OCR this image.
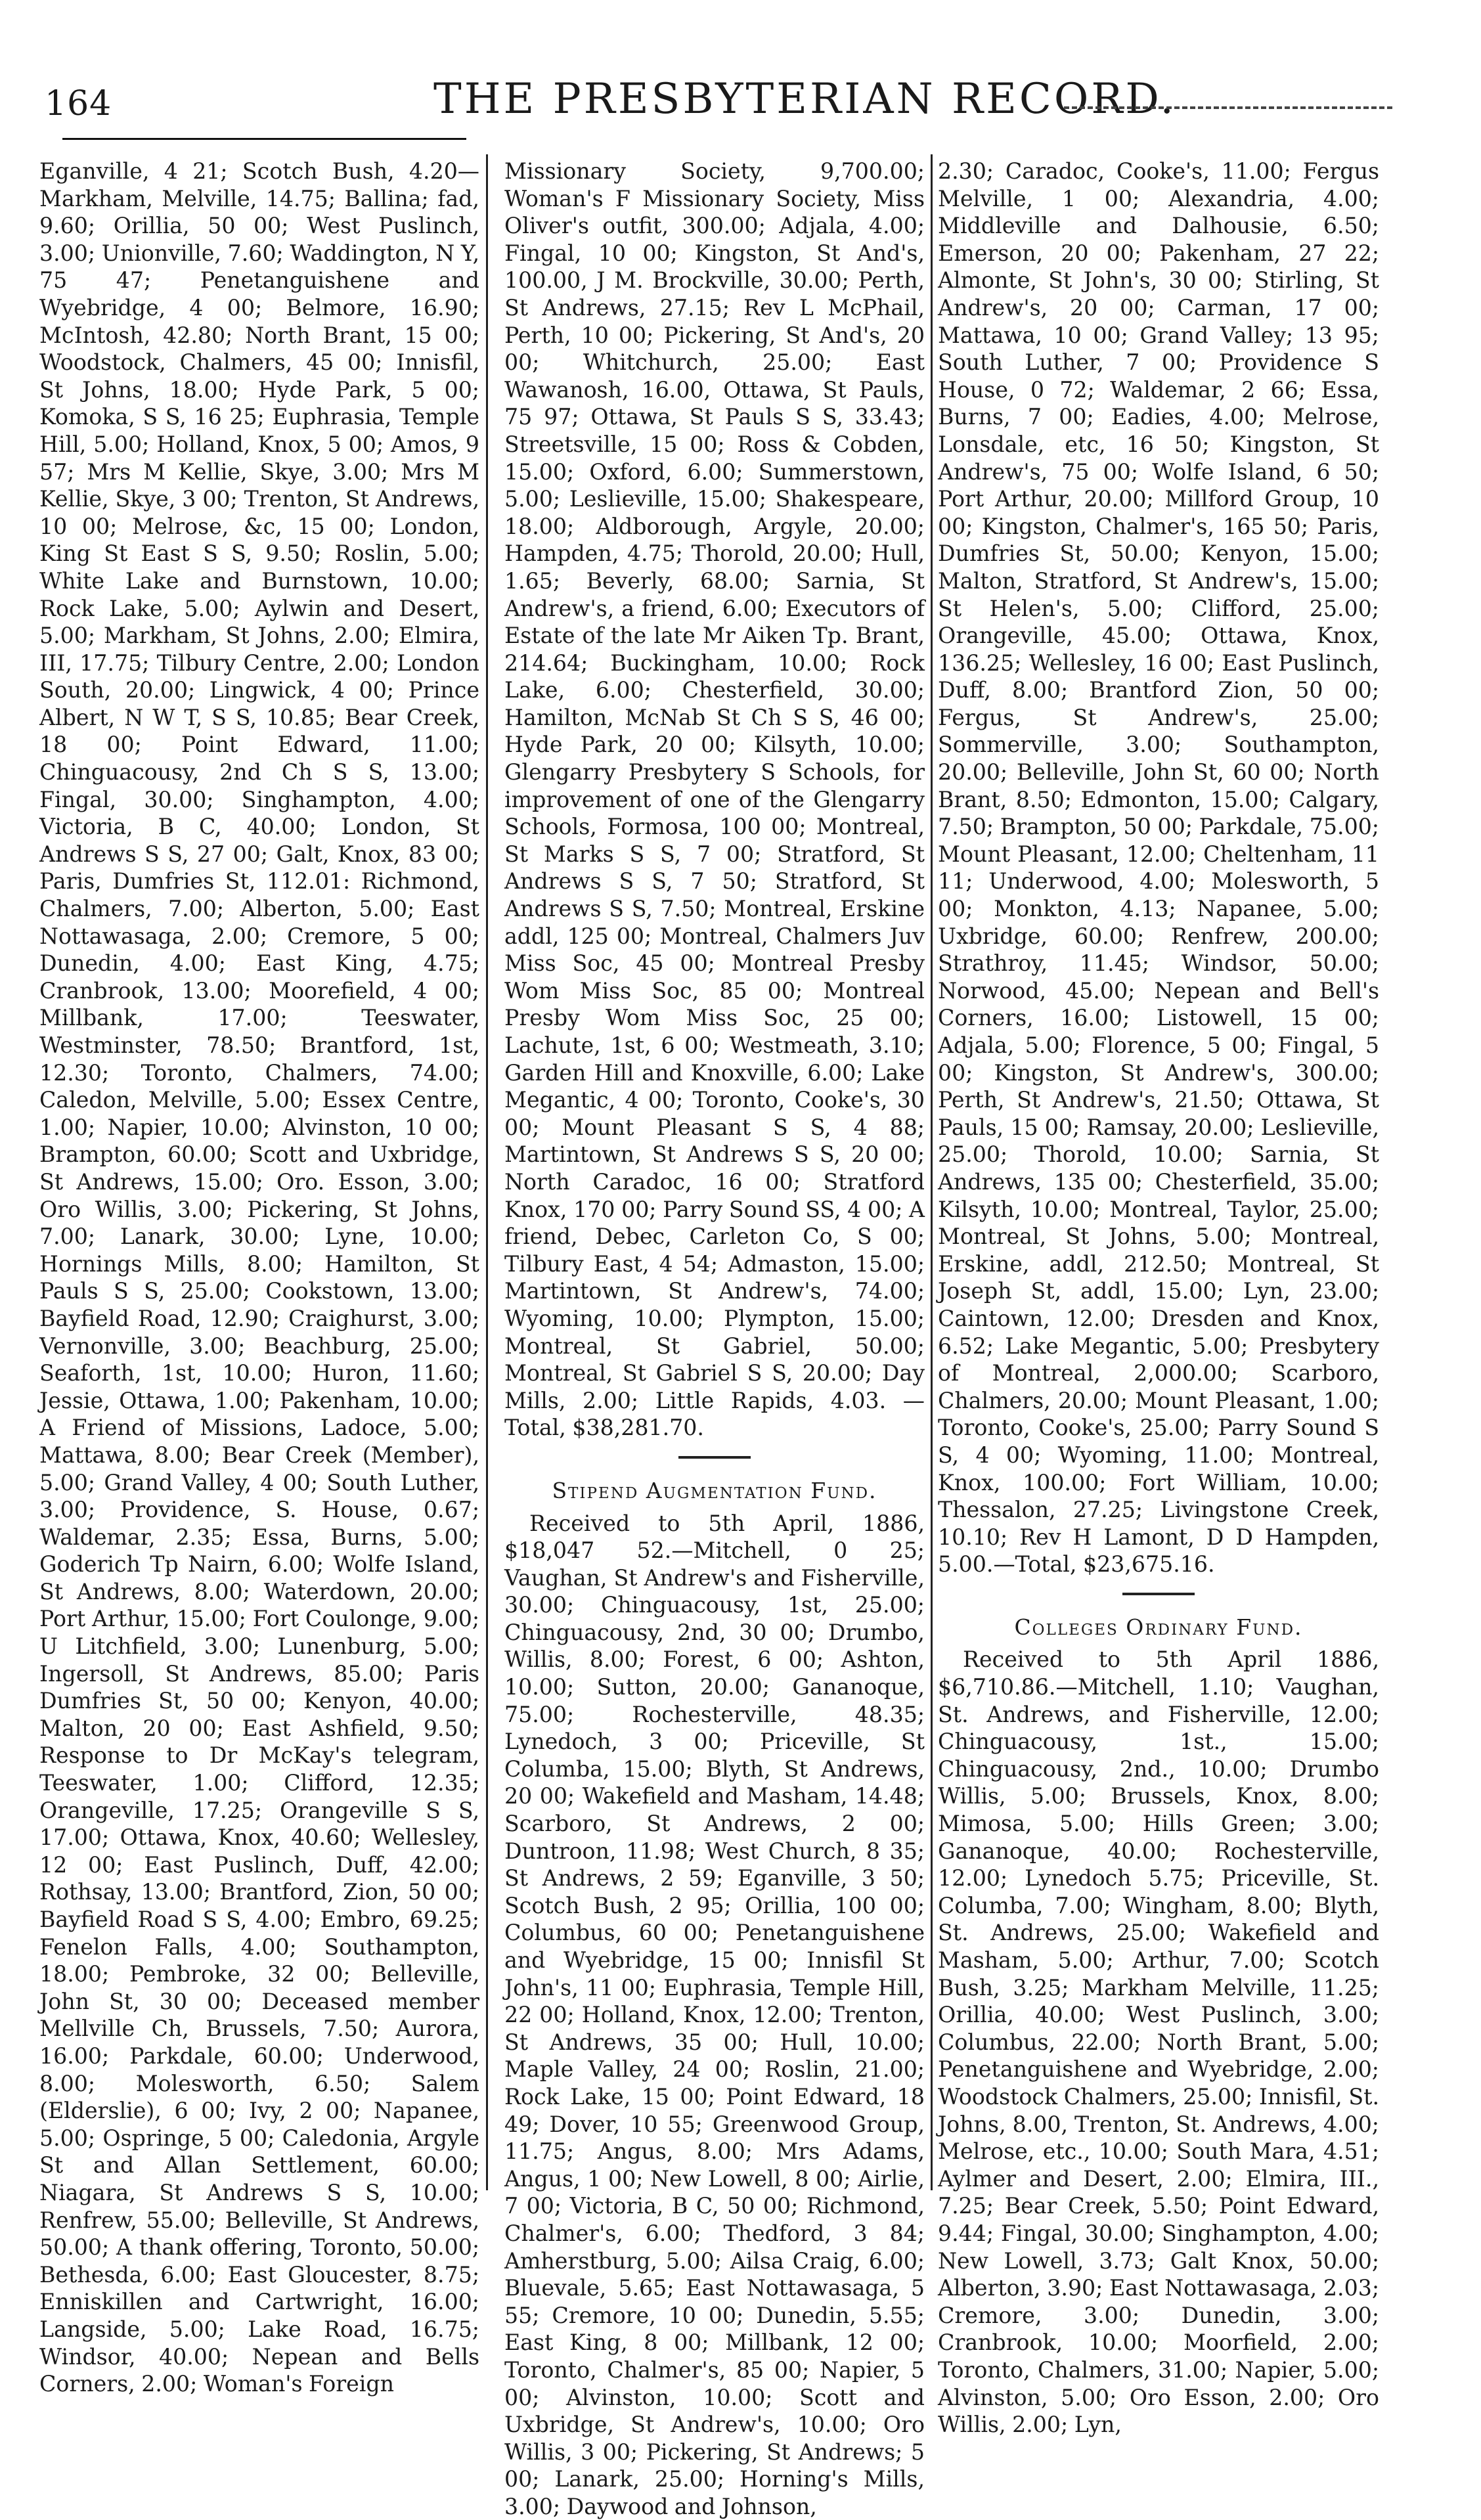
164	THE PRESBYTERIAN RECORD.

Eganville, 4 21; Scotch Bush, 4.20—Markham, Melville, 14.75; Ballina; fad, 9.60; Orillia, 50 00; West Puslinch, 3.00; Unionville, 7.60; Waddington, N Y, 75 47; Penetanguishene and Wyebridge, 4 00; Belmore, 16.90; McIntosh, 42.80; North Brant, 15 00; Woodstock, Chalmers, 45 00; Innisfil, St Johns, 18.00; Hyde Park, 5 00; Komoka, S S, 16 25; Euphrasia, Temple Hill, 5.00; Holland, Knox, 5 00; Amos, 9 57; Mrs M Kellie, Skye, 3.00; Mrs M Kellie, Skye, 3 00; Trenton, St Andrews, 10 00; Melrose, &c, 15 00; London, King St East S S, 9.50; Roslin, 5.00; White Lake and Burnstown, 10.00; Rock Lake, 5.00; Aylwin and Desert, 5.00; Markham, St Johns, 2.00; Elmira, III, 17.75; Tilbury Centre, 2.00; London South, 20.00; Lingwick, 4 00; Prince Albert, N W T, S S, 10.85; Bear Creek, 18 00; Point Edward, 11.00; Chinguacousy, 2nd Ch S S, 13.00; Fingal, 30.00; Singhampton, 4.00; Victoria, B C, 40.00; London, St Andrews S S, 27 00; Galt, Knox, 83 00; Paris, Dumfries St, 112.01: Richmond, Chalmers, 7.00; Alberton, 5.00; East Nottawasaga, 2.00; Cremore, 5 00; Dunedin, 4.00; East King, 4.75; Cranbrook, 13.00; Moorefield, 4 00; Millbank, 17.00; Teeswater, Westminster, 78.50; Brantford, 1st, 12.30; Toronto, Chalmers, 74.00; Caledon, Melville, 5.00; Essex Centre, 1.00; Napier, 10.00; Alvinston, 10 00; Brampton, 60.00; Scott and Uxbridge, St Andrews, 15.00; Oro. Esson, 3.00; Oro Willis, 3.00; Pickering, St Johns, 7.00; Lanark, 30.00; Lyne, 10.00; Hornings Mills, 8.00; Hamilton, St Pauls S S, 25.00; Cookstown, 13.00; Bayfield Road, 12.90; Craighurst, 3.00; Vernonville, 3.00; Beachburg, 25.00; Seaforth, 1st, 10.00; Huron, 11.60; Jessie, Ottawa, 1.00; Pakenham, 10.00; A Friend of Missions, Ladoce, 5.00; Mattawa, 8.00; Bear Creek (Member), 5.00; Grand Valley, 4 00; South Luther, 3.00; Providence, S. House, 0.67; Waldemar, 2.35; Essa, Burns, 5.00; Goderich Tp Nairn, 6.00; Wolfe Island, St Andrews, 8.00; Waterdown, 20.00; Port Arthur, 15.00; Fort Coulonge, 9.00; U Litchfield, 3.00; Lunenburg, 5.00; Ingersoll, St Andrews, 85.00; Paris Dumfries St, 50 00; Kenyon, 40.00; Malton, 20 00; East Ashfield, 9.50; Response to Dr McKay's telegram, Teeswater, 1.00; Clifford, 12.35; Orangeville, 17.25; Orangeville S S, 17.00; Ottawa, Knox, 40.60; Wellesley, 12 00; East Puslinch, Duff, 42.00; Rothsay, 13.00; Brantford, Zion, 50 00; Bayfield Road S S, 4.00; Embro, 69.25; Fenelon Falls, 4.00; Southampton, 18.00; Pembroke, 32 00; Belleville, John St, 30 00; Deceased member Mellville Ch, Brussels, 7.50; Aurora, 16.00; Parkdale, 60.00; Underwood, 8.00; Molesworth, 6.50; Salem (Elderslie), 6 00; Ivy, 2 00; Napanee, 5.00; Ospringe, 5 00; Caledonia, Argyle St and Allan Settlement, 60.00; Niagara, St Andrews S S, 10.00; Renfrew, 55.00; Belleville, St Andrews, 50.00; A thank offering, Toronto, 50.00; Bethesda, 6.00; East Gloucester, 8.75; Enniskillen and Cartwright, 16.00; Langside, 5.00; Lake Road, 16.75; Windsor, 40.00; Nepean and Bells Corners, 2.00; Woman's Foreign

Missionary Society, 9,700.00; Woman's F Missionary Society, Miss Oliver's outfit, 300.00; Adjala, 4.00; Fingal, 10 00; Kingston, St And's, 100.00, J M. Brockville, 30.00; Perth, St Andrews, 27.15; Rev L McPhail, Perth, 10 00; Pickering, St And's, 20 00; Whitchurch, 25.00; East Wawanosh, 16.00, Ottawa, St Pauls, 75 97; Ottawa, St Pauls S S, 33.43; Streetsville, 15 00; Ross & Cobden, 15.00; Oxford, 6.00; Summerstown, 5.00; Leslieville, 15.00; Shakespeare, 18.00; Aldborough, Argyle, 20.00; Hampden, 4.75; Thorold, 20.00; Hull, 1.65; Beverly, 68.00; Sarnia, St Andrew's, a friend, 6.00; Executors of Estate of the late Mr Aiken Tp. Brant, 214.64; Buckingham, 10.00; Rock Lake, 6.00; Chesterfield, 30.00; Hamilton, McNab St Ch S S, 46 00; Hyde Park, 20 00; Kilsyth, 10.00; Glengarry Presbytery S Schools, for improvement of one of the Glengarry Schools, Formosa, 100 00; Montreal, St Marks S S, 7 00; Stratford, St Andrews S S, 7 50; Stratford, St Andrews S S, 7.50; Montreal, Erskine addl, 125 00; Montreal, Chalmers Juv Miss Soc, 45 00; Montreal Presby Wom Miss Soc, 85 00; Montreal Presby Wom Miss Soc, 25 00; Lachute, 1st, 6 00; Westmeath, 3.10; Garden Hill and Knoxville, 6.00; Lake Megantic, 4 00; Toronto, Cooke's, 30 00; Mount Pleasant S S, 4 88; Martintown, St Andrews S S, 20 00; North Caradoc, 16 00; Stratford Knox, 170 00; Parry Sound SS, 4 00; A friend, Debec, Carleton Co, S 00; Tilbury East, 4 54; Admaston, 15.00; Martintown, St Andrew's, 74.00; Wyoming, 10.00; Plympton, 15.00; Montreal, St Gabriel, 50.00; Montreal, St Gabriel S S, 20.00; Day Mills, 2.00; Little Rapids, 4.03. —Total, $38,281.70.

Stipend Augmentation Fund.

Received to 5th April, 1886, $18,047 52.—Mitchell, 0 25; Vaughan, St Andrew's and Fisherville, 30.00; Chinguacousy, 1st, 25.00; Chinguacousy, 2nd, 30 00; Drumbo, Willis, 8.00; Forest, 6 00; Ashton, 10.00; Sutton, 20.00; Gananoque, 75.00; Rochesterville, 48.35; Lynedoch, 3 00; Priceville, St Columba, 15.00; Blyth, St Andrews, 20 00; Wakefield and Masham, 14.48; Scarboro, St Andrews, 2 00; Duntroon, 11.98; West Church, 8 35; St Andrews, 2 59; Eganville, 3 50; Scotch Bush, 2 95; Orillia, 100 00; Columbus, 60 00; Penetanguishene and Wyebridge, 15 00; Innisfil St John's, 11 00; Euphrasia, Temple Hill, 22 00; Holland, Knox, 12.00; Trenton, St Andrews, 35 00; Hull, 10.00; Maple Valley, 24 00; Roslin, 21.00; Rock Lake, 15 00; Point Edward, 18 49; Dover, 10 55; Greenwood Group, 11.75; Angus, 8.00; Mrs Adams, Angus, 1 00; New Lowell, 8 00; Airlie, 7 00; Victoria, B C, 50 00; Richmond, Chalmer's, 6.00; Thedford, 3 84; Amherstburg, 5.00; Ailsa Craig, 6.00; Bluevale, 5.65; East Nottawasaga, 5 55; Cremore, 10 00; Dunedin, 5.55; East King, 8 00; Millbank, 12 00; Toronto, Chalmer's, 85 00; Napier, 5 00; Alvinston, 10.00; Scott and Uxbridge, St Andrew's, 10.00; Oro Willis, 3 00; Pickering, St Andrews; 5 00; Lanark, 25.00; Horning's Mills, 3.00; Daywood and Johnson,

2.30; Caradoc, Cooke's, 11.00; Fergus Melville, 1 00; Alexandria, 4.00; Middleville and Dalhousie, 6.50; Emerson, 20 00; Pakenham, 27 22; Almonte, St John's, 30 00; Stirling, St Andrew's, 20 00; Carman, 17 00; Mattawa, 10 00; Grand Valley; 13 95; South Luther, 7 00; Providence S House, 0 72; Waldemar, 2 66; Essa, Burns, 7 00; Eadies, 4.00; Melrose, Lonsdale, etc, 16 50; Kingston, St Andrew's, 75 00; Wolfe Island, 6 50; Port Arthur, 20.00; Millford Group, 10 00; Kingston, Chalmer's, 165 50; Paris, Dumfries St, 50.00; Kenyon, 15.00; Malton, Stratford, St Andrew's, 15.00; St Helen's, 5.00; Clifford, 25.00; Orangeville, 45.00; Ottawa, Knox, 136.25; Wellesley, 16 00; East Puslinch, Duff, 8.00; Brantford Zion, 50 00; Fergus, St Andrew's, 25.00; Sommerville, 3.00; Southampton, 20.00; Belleville, John St, 60 00; North Brant, 8.50; Edmonton, 15.00; Calgary, 7.50; Brampton, 50 00; Parkdale, 75.00; Mount Pleasant, 12.00; Cheltenham, 11 11; Underwood, 4.00; Molesworth, 5 00; Monkton, 4.13; Napanee, 5.00; Uxbridge, 60.00; Renfrew, 200.00; Strathroy, 11.45; Windsor, 50.00; Norwood, 45.00; Nepean and Bell's Corners, 16.00; Listowell, 15 00; Adjala, 5.00; Florence, 5 00; Fingal, 5 00; Kingston, St Andrew's, 300.00; Perth, St Andrew's, 21.50; Ottawa, St Pauls, 15 00; Ramsay, 20.00; Leslieville, 25.00; Thorold, 10.00; Sarnia, St Andrews, 135 00; Chesterfield, 35.00; Kilsyth, 10.00; Montreal, Taylor, 25.00; Montreal, St Johns, 5.00; Montreal, Erskine, addl, 212.50; Montreal, St Joseph St, addl, 15.00; Lyn, 23.00; Caintown, 12.00; Dresden and Knox, 6.52; Lake Megantic, 5.00; Presbytery of Montreal, 2,000.00; Scarboro, Chalmers, 20.00; Mount Pleasant, 1.00; Toronto, Cooke's, 25.00; Parry Sound S S, 4 00; Wyoming, 11.00; Montreal, Knox, 100.00; Fort William, 10.00; Thessalon, 27.25; Livingstone Creek, 10.10; Rev H Lamont, D D Hampden, 5.00.—Total, $23,675.16.

Colleges Ordinary Fund.

Received to 5th April 1886, $6,710.86.—Mitchell, 1.10; Vaughan, St. Andrews, and Fisherville, 12.00; Chinguacousy, 1st., 15.00; Chinguacousy, 2nd., 10.00; Drumbo Willis, 5.00; Brussels, Knox, 8.00; Mimosa, 5.00; Hills Green; 3.00; Gananoque, 40.00; Rochesterville, 12.00; Lynedoch 5.75; Priceville, St. Columba, 7.00; Wingham, 8.00; Blyth, St. Andrews, 25.00; Wakefield and Masham, 5.00; Arthur, 7.00; Scotch Bush, 3.25; Markham Melville, 11.25; Orillia, 40.00; West Puslinch, 3.00; Columbus, 22.00; North Brant, 5.00; Penetanguishene and Wyebridge, 2.00; Woodstock Chalmers, 25.00; Innisfil, St. Johns, 8.00, Trenton, St. Andrews, 4.00; Melrose, etc., 10.00; South Mara, 4.51; Aylmer and Desert, 2.00; Elmira, III., 7.25; Bear Creek, 5.50; Point Edward, 9.44; Fingal, 30.00; Singhampton, 4.00; New Lowell, 3.73; Galt Knox, 50.00; Alberton, 3.90; East Nottawasaga, 2.03; Cremore, 3.00; Dunedin, 3.00; Cranbrook, 10.00; Moorfield, 2.00; Toronto, Chalmers, 31.00; Napier, 5.00; Alvinston, 5.00; Oro Esson, 2.00; Oro Willis, 2.00; Lyn,
